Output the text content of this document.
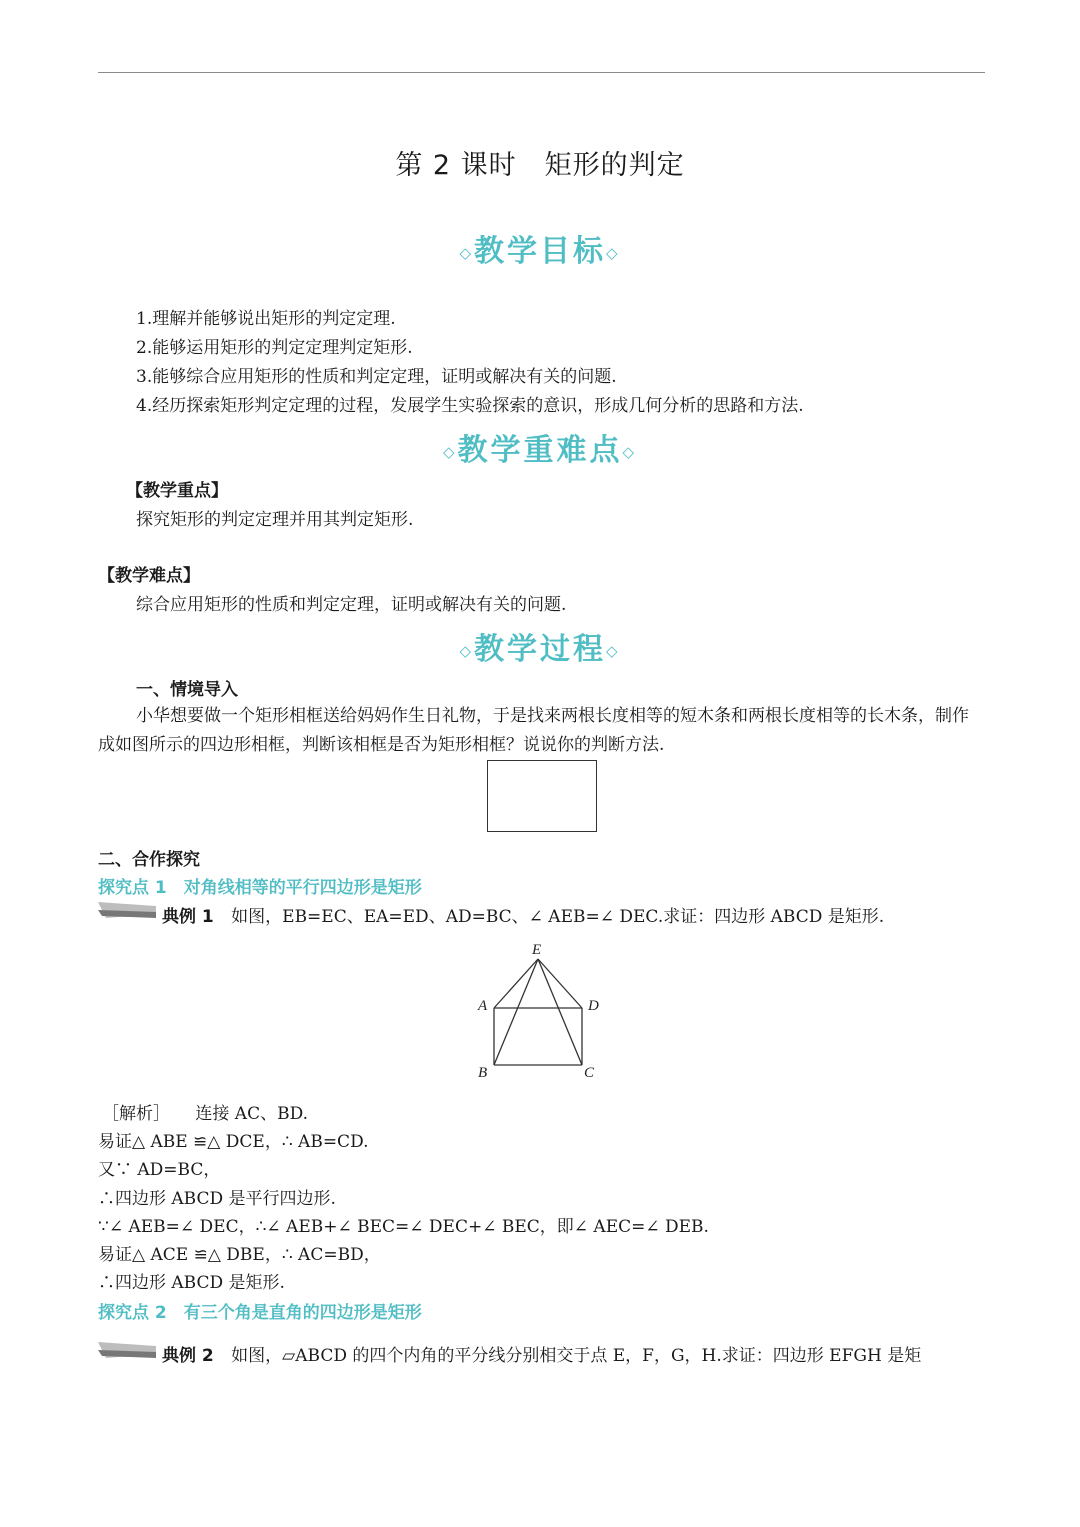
第 2 课时　矩形的判定
◇教学目标◇
1.理解并能够说出矩形的判定定理.
2.能够运用矩形的判定定理判定矩形.
3.能够综合应用矩形的性质和判定定理，证明或解决有关的问题.
4.经历探索矩形判定定理的过程，发展学生实验探索的意识，形成几何分析的思路和方法.
◇教学重难点◇
【教学重点】
探究矩形的判定定理并用其判定矩形.
【教学难点】
综合应用矩形的性质和判定定理，证明或解决有关的问题.
◇教学过程◇
一、情境导入
小华想要做一个矩形相框送给妈妈作生日礼物，于是找来两根长度相等的短木条和两根长度相等的长木条，制作成如图所示的四边形相框，判断该相框是否为矩形相框？说说你的判断方法.
二、合作探究
探究点 1　对角线相等的平行四边形是矩形
典例 1 如图，EB=EC、EA=ED、AD=BC、∠ AEB=∠ DEC.求证：四边形 ABCD 是矩形.
E
A	D
B	C
［解析］ 连接 AC、BD.
易证△ ABE ≌△ DCE，∴ AB=CD.
又∵ AD=BC，
∴四边形 ABCD 是平行四边形.
∵∠ AEB=∠ DEC，∴∠ AEB+∠ BEC=∠ DEC+∠ BEC，即∠ AEC=∠ DEB.
易证△ ACE ≌△ DBE，∴ AC=BD，
∴四边形 ABCD 是矩形.
探究点 2　有三个角是直角的四边形是矩形
典例 2 如图，▱ABCD 的四个内角的平分线分别相交于点 E，F，G，H.求证：四边形 EFGH 是矩
